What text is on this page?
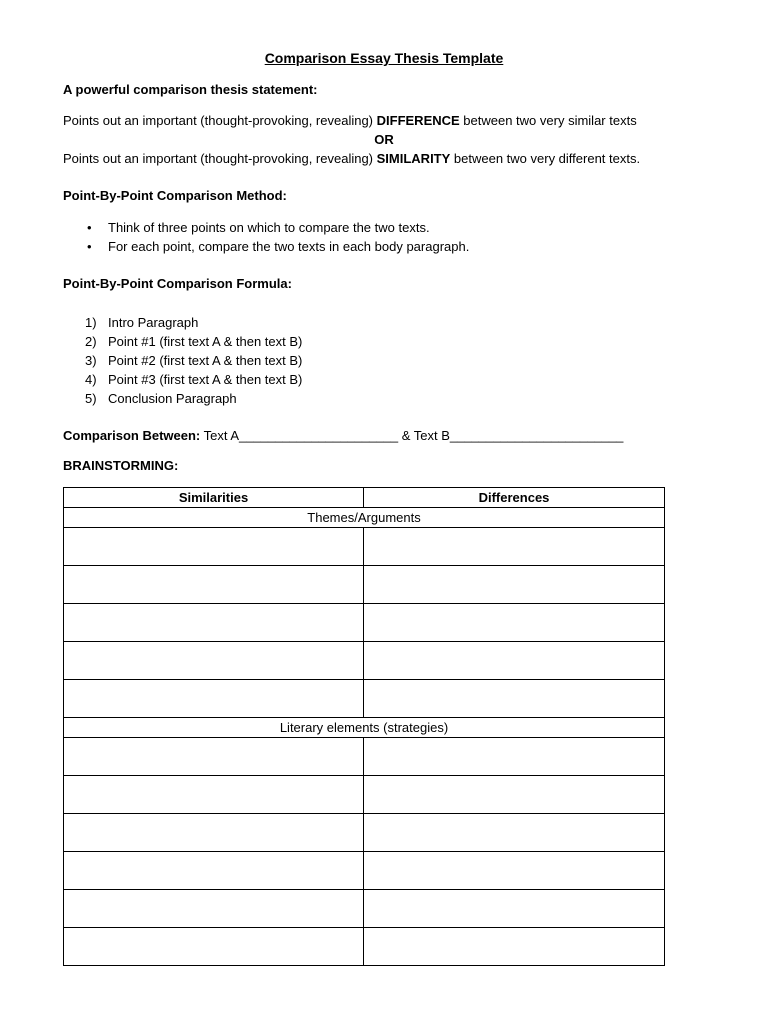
Comparison Essay Thesis Template
A powerful comparison thesis statement:
Points out an important (thought-provoking, revealing) DIFFERENCE between two very similar texts
OR
Points out an important (thought-provoking, revealing) SIMILARITY between two very different texts.
Point-By-Point Comparison Method:
• Think of three points on which to compare the two texts.
• For each point, compare the two texts in each body paragraph.
Point-By-Point Comparison Formula:
1) Intro Paragraph
2) Point #1 (first text A & then text B)
3) Point #2 (first text A & then text B)
4) Point #3 (first text A & then text B)
5) Conclusion Paragraph
Comparison Between: Text A______________________ & Text B________________________
BRAINSTORMING:
Similarities	Differences
Themes/Arguments	

Literary elements (strategies)	
